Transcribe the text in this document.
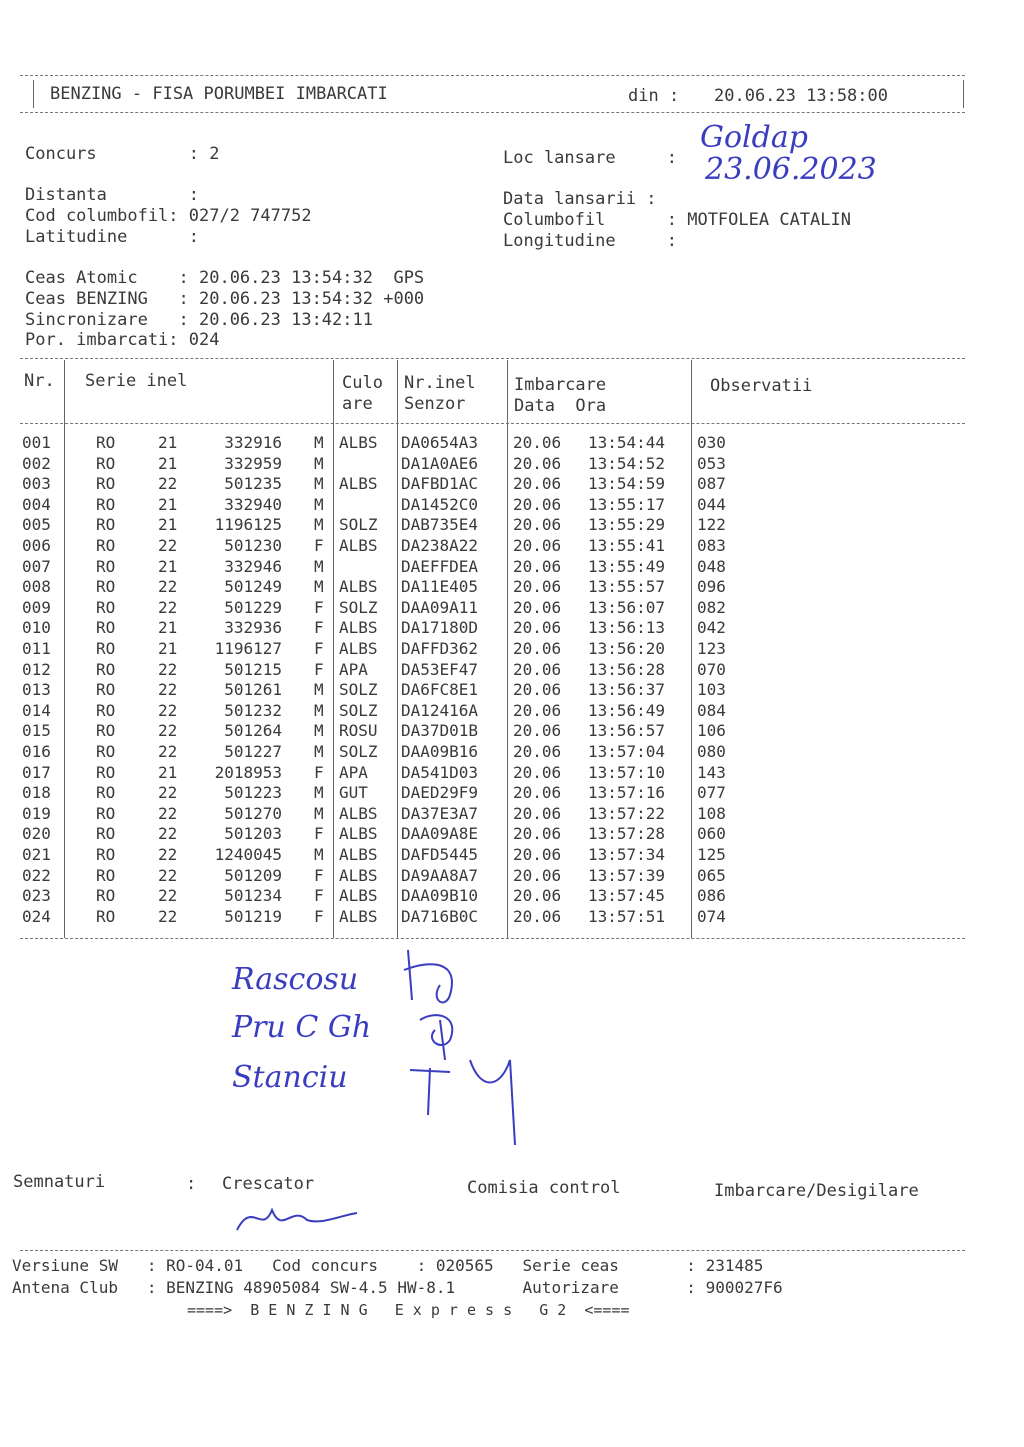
BENZING - FISA PORUMBEI IMBARCATI	din : 20.06.23 13:58:00
Concurs         : 2
Distanta        :
Cod columbofil: 027/2 747752
Latitudine      :
Loc lansare     :
Data lansarii :
Columbofil      : MOTFOLEA CATALIN
Longitudine     :
Goldap
23.06.2023
Ceas Atomic    : 20.06.23 13:54:32  GPS
Ceas BENZING   : 20.06.23 13:54:32 +000
Sincronizare   : 20.06.23 13:42:11
Por. imbarcati: 024
Nr. Serie inel	Culo
are
Nr.inel
Senzor
Imbarcare
Data  Ora
Observatii
001	RO	21	332916 M ALBS DA0654A3 20.06 13:54:44 030
002	RO	21	332959 M	DA1A0AE6 20.06 13:54:52 053
003	RO	22	501235 M ALBS DAFBD1AC 20.06 13:54:59 087
004	RO	21	332940 M	DA1452C0 20.06 13:55:17 044
005	RO	21	1196125 M SOLZ DAB735E4 20.06 13:55:29 122
006	RO	22	501230 F ALBS DA238A22 20.06 13:55:41 083
007	RO	21	332946 M	DAEFFDEA 20.06 13:55:49 048
008	RO	22	501249 M ALBS DA11E405 20.06 13:55:57 096
009	RO	22	501229 F SOLZ DAA09A11 20.06 13:56:07 082
010	RO	21	332936 F ALBS DA17180D 20.06 13:56:13 042
011	RO	21	1196127 F ALBS DAFFD362 20.06 13:56:20 123
012	RO	22	501215 F APA DA53EF47 20.06 13:56:28 070
013	RO	22	501261 M SOLZ DA6FC8E1 20.06 13:56:37 103
014	RO	22	501232 M SOLZ DA12416A 20.06 13:56:49 084
015	RO	22	501264 M ROSU DA37D01B 20.06 13:56:57 106
016	RO	22	501227 M SOLZ DAA09B16 20.06 13:57:04 080
017	RO	21	2018953 F APA DA541D03 20.06 13:57:10 143
018	RO	22	501223 M GUT DAED29F9 20.06 13:57:16 077
019	RO	22	501270 M ALBS DA37E3A7 20.06 13:57:22 108
020	RO	22	501203 F ALBS DAA09A8E 20.06 13:57:28 060
021	RO	22	1240045 M ALBS DAFD5445 20.06 13:57:34 125
022	RO	22	501209 F ALBS DA9AA8A7 20.06 13:57:39 065
023	RO	22	501234 F ALBS DAA09B10 20.06 13:57:45 086
024	RO	22	501219 F ALBS DA716B0C 20.06 13:57:51 074
Rascosu
Pru C Gh
Stanciu
Semnaturi	: Crescator	Comisia control	Imbarcare/Desigilare
Versiune SW   : RO-04.01   Cod concurs    : 020565   Serie ceas       : 231485
Antena Club   : BENZING 48905084 SW-4.5 HW-8.1       Autorizare       : 900027F6
====>  B E N Z I N G   E x p r e s s   G 2  <====
